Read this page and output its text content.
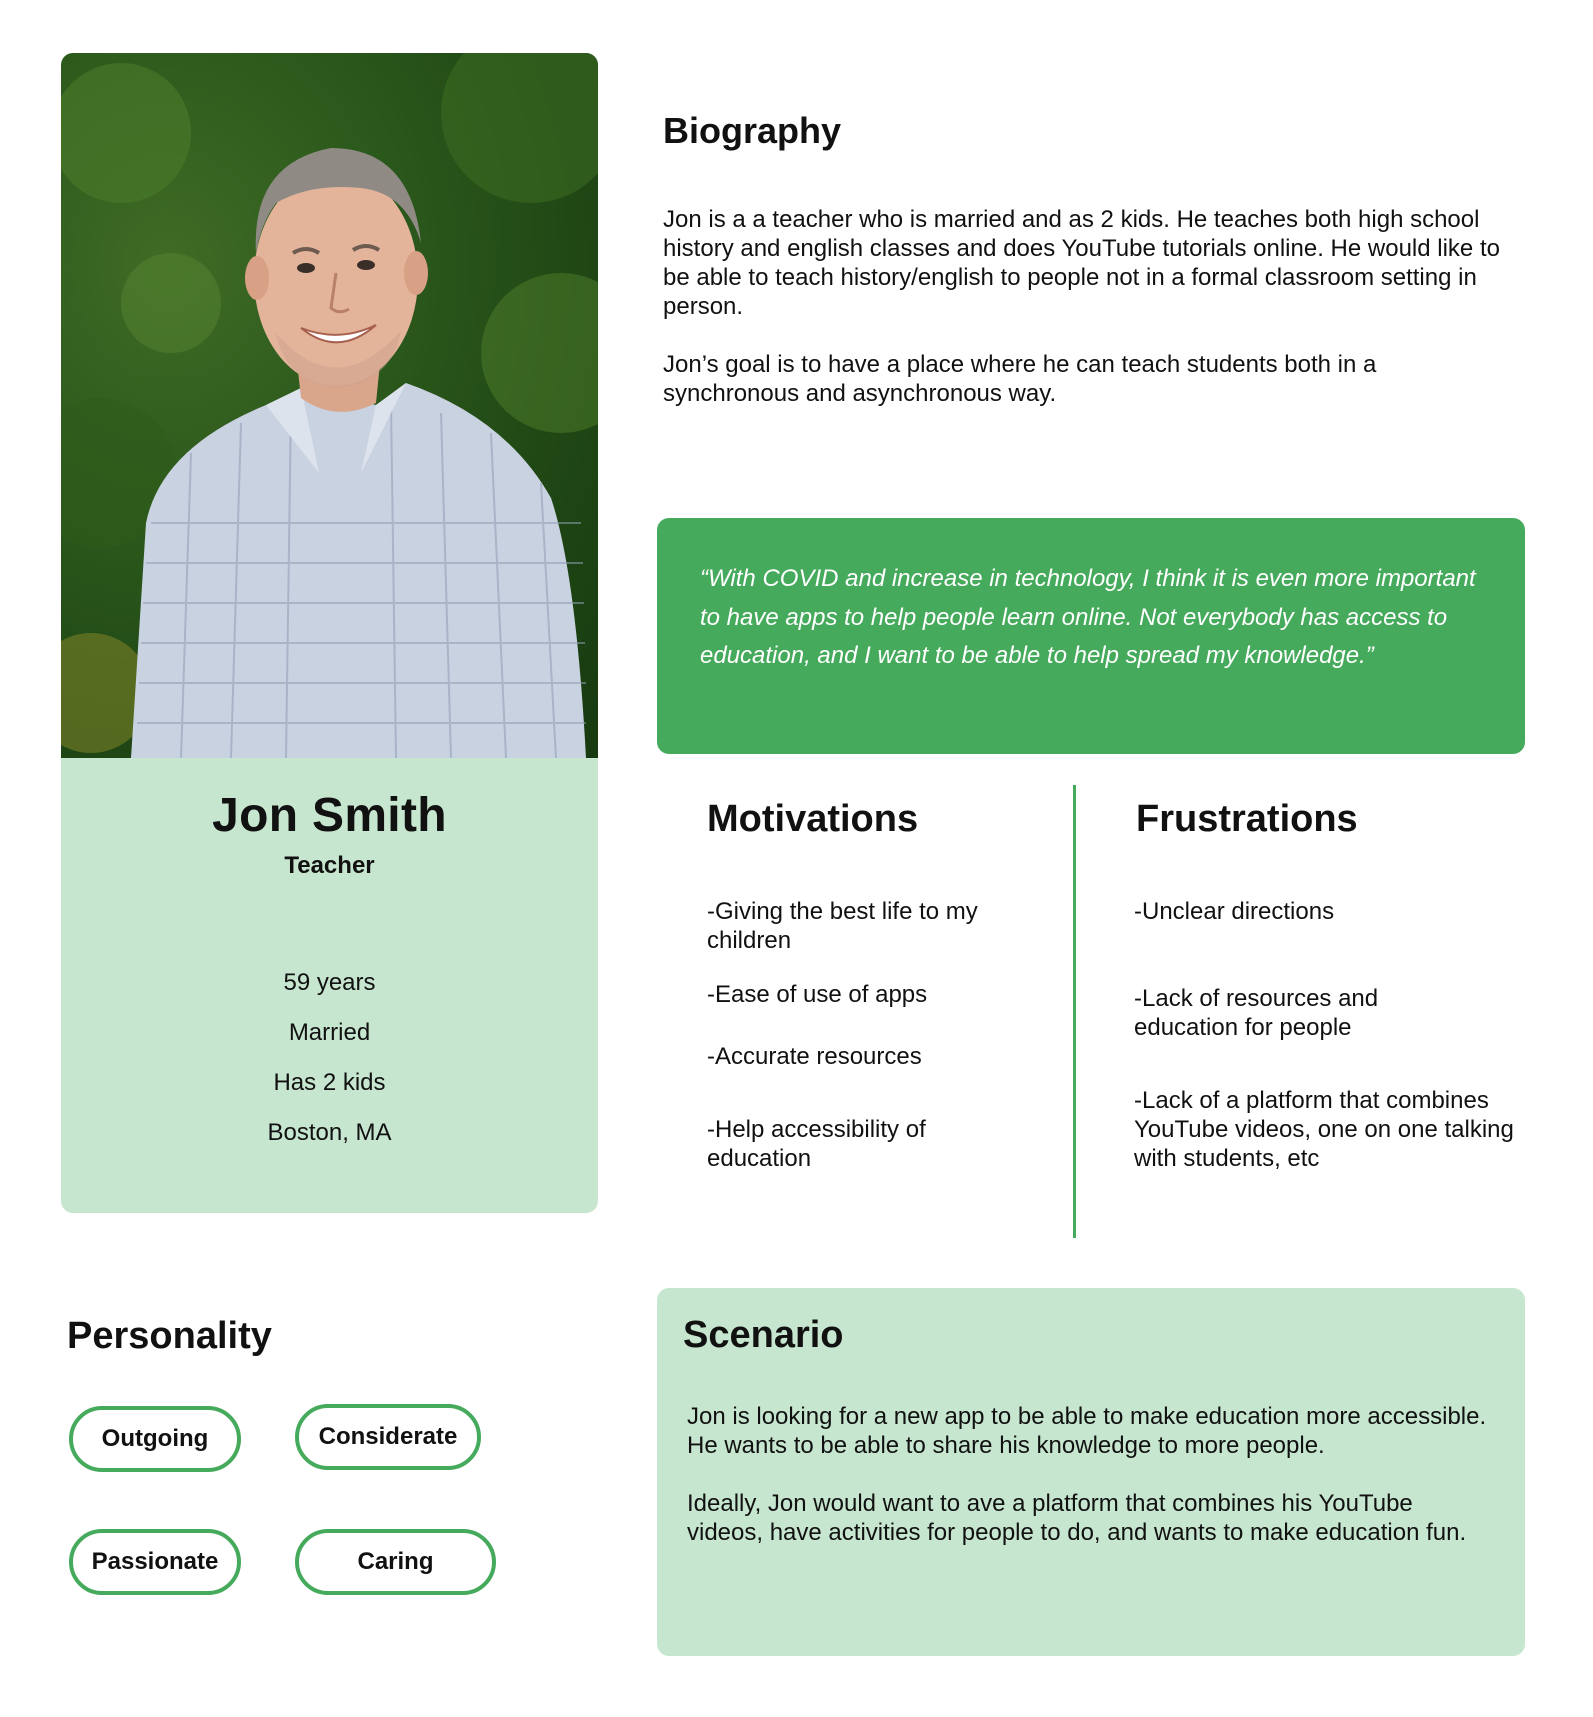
Jon Smith
Teacher
59 years
Married
Has 2 kids
Boston, MA
Biography

Jon is a a teacher who is married and as 2 kids. He teaches both high school history and english classes and does YouTube tutorials online. He would like to be able to teach history/english to people not in a formal classroom setting in person.

Jon’s goal is to have a place where he can teach students both in a synchronous and asynchronous way.

“With COVID and increase in technology, I think it is even more important to have apps to help people learn online. Not everybody has access to education, and I want to be able to help spread my knowledge.”
Motivations	Frustrations

-Giving the best life to my children

-Ease of use of apps

-Accurate resources

-Help accessibility of education

-Unclear directions

-Lack of resources and education for people

-Lack of a platform that combines YouTube videos, one on one talking with students, etc

Personality
Outgoing	Considerate
Passionate	Caring
Scenario

Jon is looking for a new app to be able to make education more accessible. He wants to be able to share his knowledge to more people.

Ideally, Jon would want to ave a platform that combines his YouTube videos, have activities for people to do, and wants to make education fun.
